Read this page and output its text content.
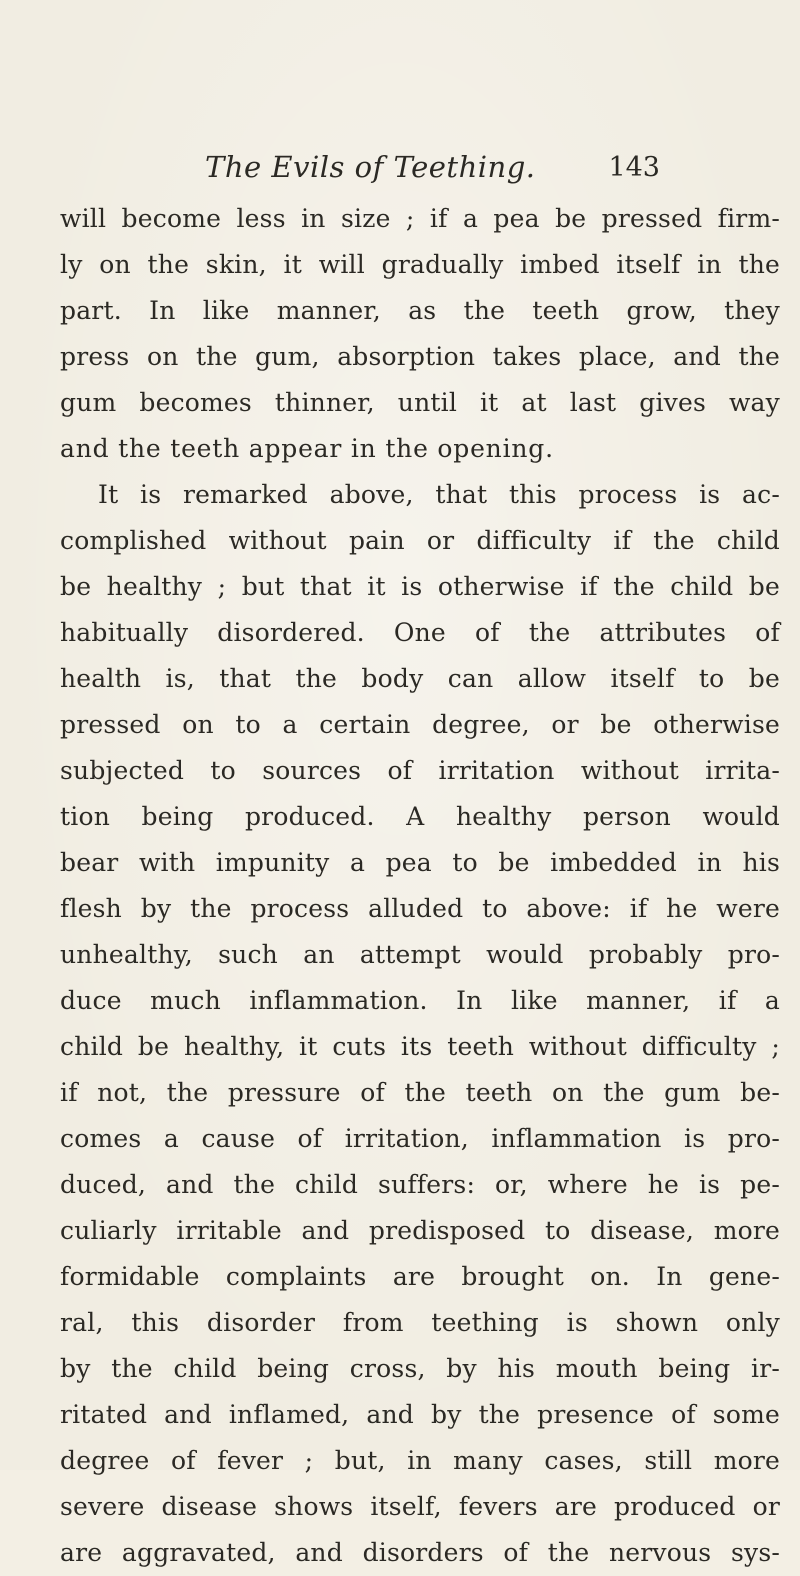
The Evils of Teething.	143
will become less in size ; if a pea be pressed firm-
ly on the skin, it will gradually imbed itself in the
part. In like manner, as the teeth grow, they
press on the gum, absorption takes place, and the
gum becomes thinner, until it at last gives way
and the teeth appear in the opening.
It is remarked above, that this process is ac-
complished without pain or difficulty if the child
be healthy ; but that it is otherwise if the child be
habitually disordered. One of the attributes of
health is, that the body can allow itself to be
pressed on to a certain degree, or be otherwise
subjected to sources of irritation without irrita-
tion being produced. A healthy person would
bear with impunity a pea to be imbedded in his
flesh by the process alluded to above: if he were
unhealthy, such an attempt would probably pro-
duce much inflammation. In like manner, if a
child be healthy, it cuts its teeth without difficulty ;
if not, the pressure of the teeth on the gum be-
comes a cause of irritation, inflammation is pro-
duced, and the child suffers: or, where he is pe-
culiarly irritable and predisposed to disease, more
formidable complaints are brought on. In gene-
ral, this disorder from teething is shown only
by the child being cross, by his mouth being ir-
ritated and inflamed, and by the presence of some
degree of fever ; but, in many cases, still more
severe disease shows itself, fevers are produced or
are aggravated, and disorders of the nervous sys-
